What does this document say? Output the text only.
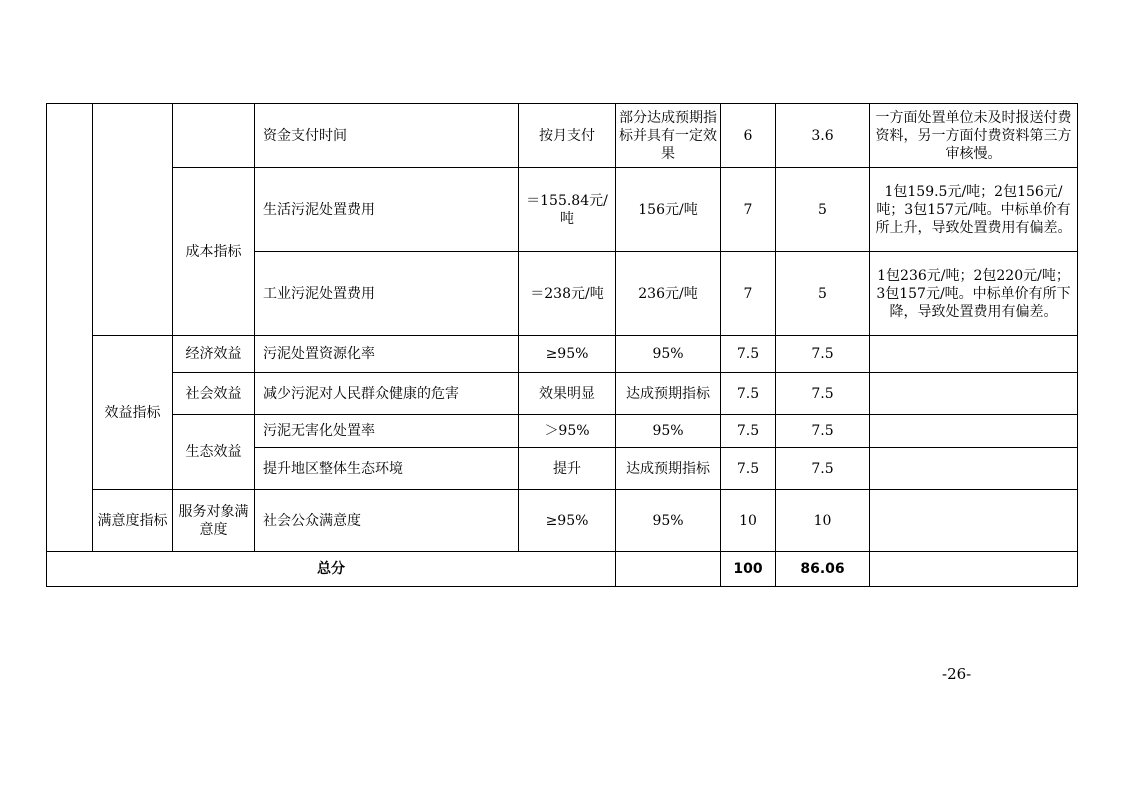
			资金支付时间	按月支付	部分达成预期指标并具有一定效果	6	3.6	一方面处置单位未及时报送付费资料，另一方面付费资料第三方审核慢。
		成本指标	生活污泥处置费用	＝155.84元/吨	156元/吨	7	5	1包159.5元/吨；2包156元/吨；3包157元/吨。中标单价有所上升，导致处置费用有偏差。
			工业污泥处置费用	＝238元/吨	236元/吨	7	5	1包236元/吨；2包220元/吨；3包157元/吨。中标单价有所下降，导致处置费用有偏差。
	效益指标	经济效益	污泥处置资源化率	≥95%	95%	7.5	7.5	
		社会效益	减少污泥对人民群众健康的危害	效果明显	达成预期指标	7.5	7.5	
		生态效益	污泥无害化处置率	＞95%	95%	7.5	7.5	
			提升地区整体生态环境	提升	达成预期指标	7.5	7.5	
	满意度指标	服务对象满意度	社会公众满意度	≥95%	95%	10	10	
总分						100	86.06	
-26-
